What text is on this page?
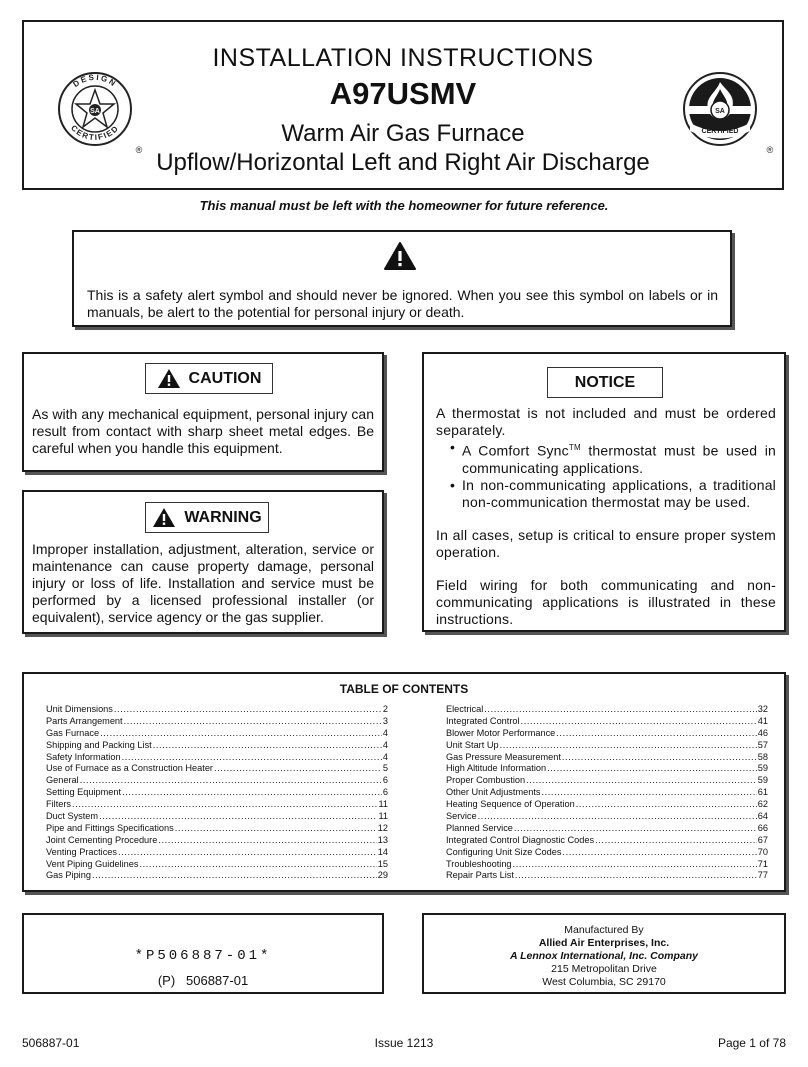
DESIGN
CERTIFIED
SA
®
INSTALLATION INSTRUCTIONS
A97USMV
Warm Air Gas Furnace
Upflow/Horizontal Left and Right Air Discharge
SA
CERTIFIED
®
This manual must be left with the homeowner for future reference.
This is a safety alert symbol and should never be ignored. When you see this symbol on labels or in manuals, be alert to the potential for personal injury or death.
CAUTION
As with any mechanical equipment, personal injury can result from contact with sharp sheet metal edges. Be careful when you handle this equipment.
WARNING
Improper installation, adjustment, alteration, service or maintenance can cause property damage, personal injury or loss of life. Installation and service must be performed by a licensed professional installer (or equivalent), service agency or the gas supplier.
NOTICE

A thermostat is not included and must be ordered separately.

• A Comfort Sync™ thermostat must be used in communicating applications.
• In non-communicating applications, a traditional non-communication thermostat may be used.

In all cases, setup is critical to ensure proper system operation.

Field wiring for both communicating and non-communicating applications is illustrated in these instructions.

TABLE OF CONTENTS
Unit Dimensions .....	2
Parts Arrangement .....	3
Gas Furnace .....	4
Shipping and Packing List .....	4
Safety Information .....	4
Use of Furnace as a Construction Heater .....	5
General .....	6
Setting Equipment .....	6
Filters .....	11
Duct System .....	11
Pipe and Fittings Specifications .....	12
Joint Cementing Procedure .....	13
Venting Practices .....	14
Vent Piping Guidelines .....	15
Gas Piping .....	29
Electrical .....	32
Integrated Control .....	41
Blower Motor Performance .....	46
Unit Start Up .....	57
Gas Pressure Measurement .....	58
High Altitude Information .....	59
Proper Combustion .....	59
Other Unit Adjustments .....	61
Heating Sequence of Operation .....	62
Service .....	64
Planned Service .....	66
Integrated Control Diagnostic Codes .....	67
Configuring Unit Size Codes .....	70
Troubleshooting .....	71
Repair Parts List .....	77
*P506887-01*
(P) 506887-01
Manufactured By
Allied Air Enterprises, Inc.
A Lennox International, Inc. Company
215 Metropolitan Drive
West Columbia, SC 29170
Issue 1213
506887-01	Page 1 of 78
